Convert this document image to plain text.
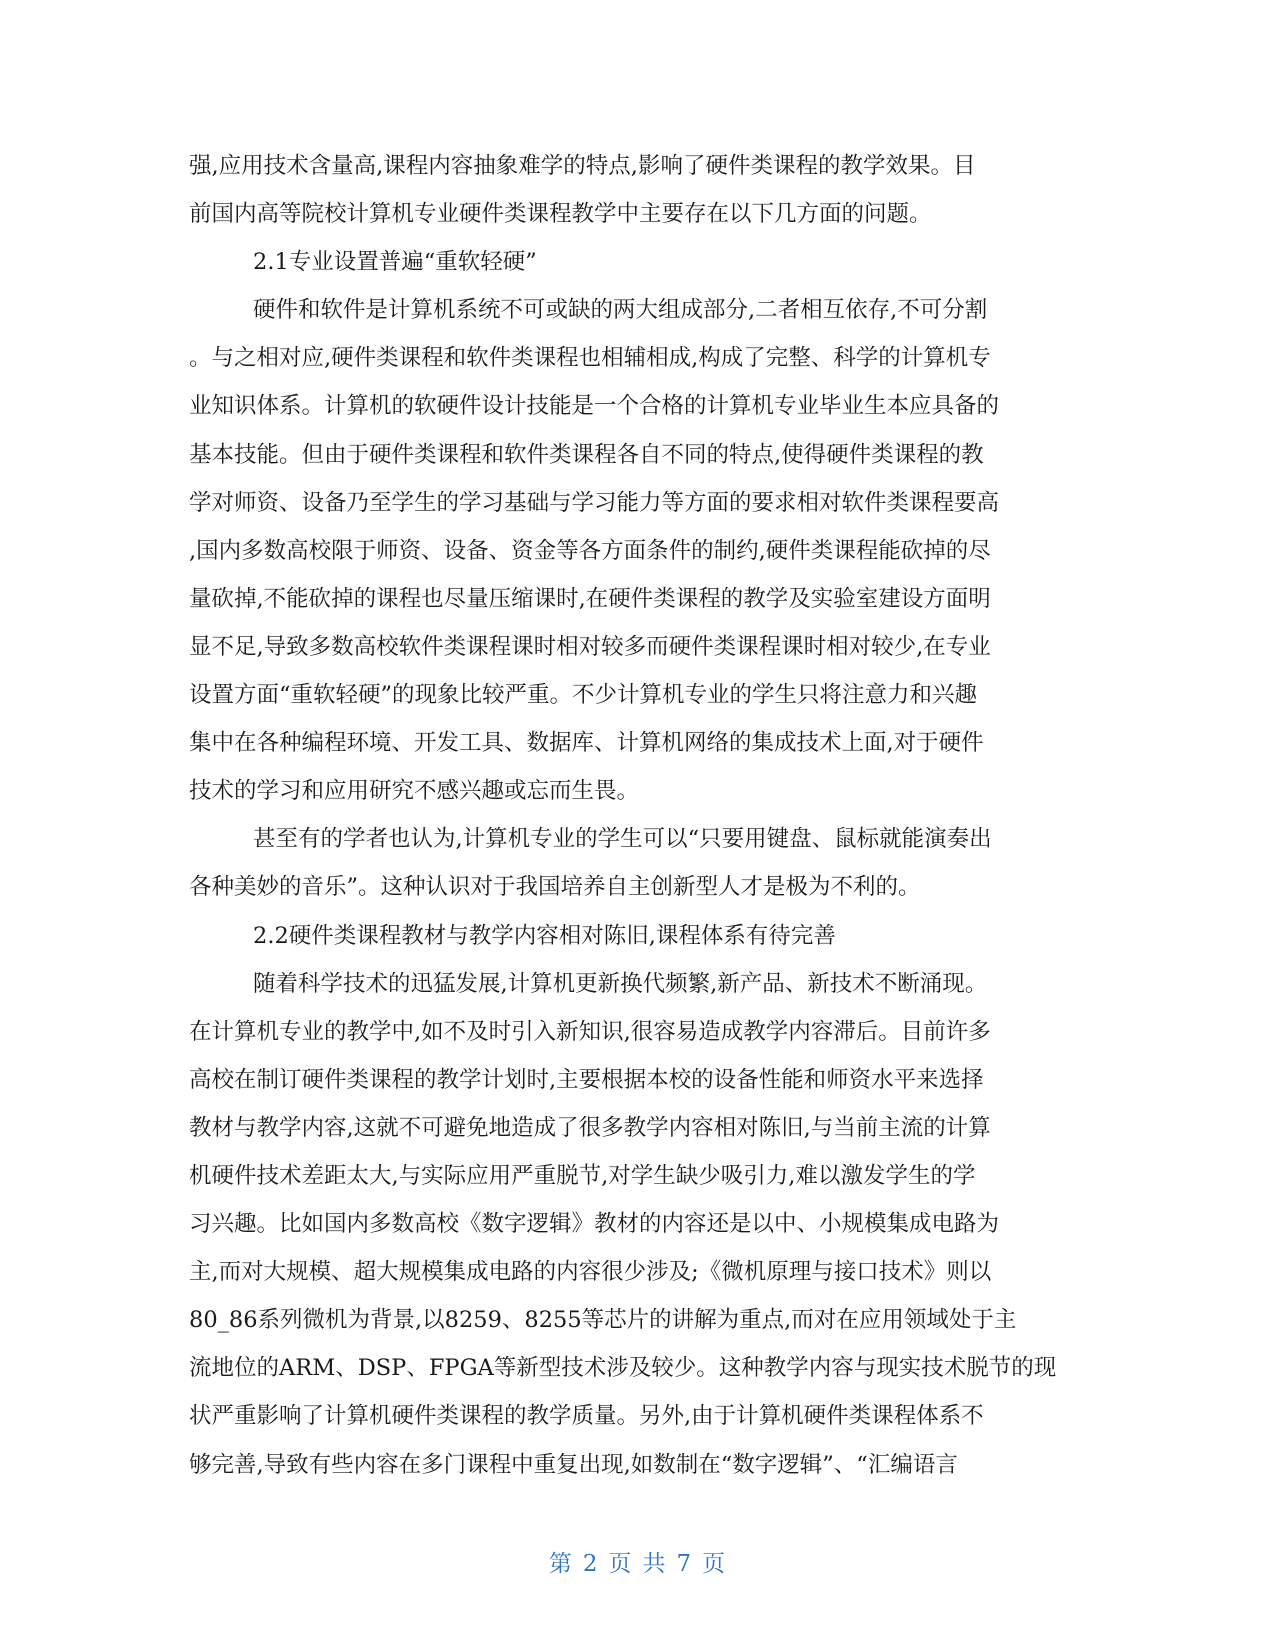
强,应用技术含量高,课程内容抽象难学的特点,影响了硬件类课程的教学效果。目
前国内高等院校计算机专业硬件类课程教学中主要存在以下几方面的问题。
2.1专业设置普遍“重软轻硬”
硬件和软件是计算机系统不可或缺的两大组成部分,二者相互依存,不可分割
。与之相对应,硬件类课程和软件类课程也相辅相成,构成了完整、科学的计算机专
业知识体系。计算机的软硬件设计技能是一个合格的计算机专业毕业生本应具备的
基本技能。但由于硬件类课程和软件类课程各自不同的特点,使得硬件类课程的教
学对师资、设备乃至学生的学习基础与学习能力等方面的要求相对软件类课程要高
,国内多数高校限于师资、设备、资金等各方面条件的制约,硬件类课程能砍掉的尽
量砍掉,不能砍掉的课程也尽量压缩课时,在硬件类课程的教学及实验室建设方面明
显不足,导致多数高校软件类课程课时相对较多而硬件类课程课时相对较少,在专业
设置方面“重软轻硬”的现象比较严重。不少计算机专业的学生只将注意力和兴趣
集中在各种编程环境、开发工具、数据库、计算机网络的集成技术上面,对于硬件
技术的学习和应用研究不感兴趣或忘而生畏。
甚至有的学者也认为,计算机专业的学生可以“只要用键盘、鼠标就能演奏出
各种美妙的音乐”。这种认识对于我国培养自主创新型人才是极为不利的。
2.2硬件类课程教材与教学内容相对陈旧,课程体系有待完善
随着科学技术的迅猛发展,计算机更新换代频繁,新产品、新技术不断涌现。
在计算机专业的教学中,如不及时引入新知识,很容易造成教学内容滞后。目前许多
高校在制订硬件类课程的教学计划时,主要根据本校的设备性能和师资水平来选择
教材与教学内容,这就不可避免地造成了很多教学内容相对陈旧,与当前主流的计算
机硬件技术差距太大,与实际应用严重脱节,对学生缺少吸引力,难以激发学生的学
习兴趣。比如国内多数高校《数字逻辑》教材的内容还是以中、小规模集成电路为
主,而对大规模、超大规模集成电路的内容很少涉及;《微机原理与接口技术》则以
80_86系列微机为背景,以8259、8255等芯片的讲解为重点,而对在应用领域处于主
流地位的ARM、DSP、FPGA等新型技术涉及较少。这种教学内容与现实技术脱节的现
状严重影响了计算机硬件类课程的教学质量。另外,由于计算机硬件类课程体系不
够完善,导致有些内容在多门课程中重复出现,如数制在“数字逻辑”、“汇编语言
第 2 页 共 7 页
